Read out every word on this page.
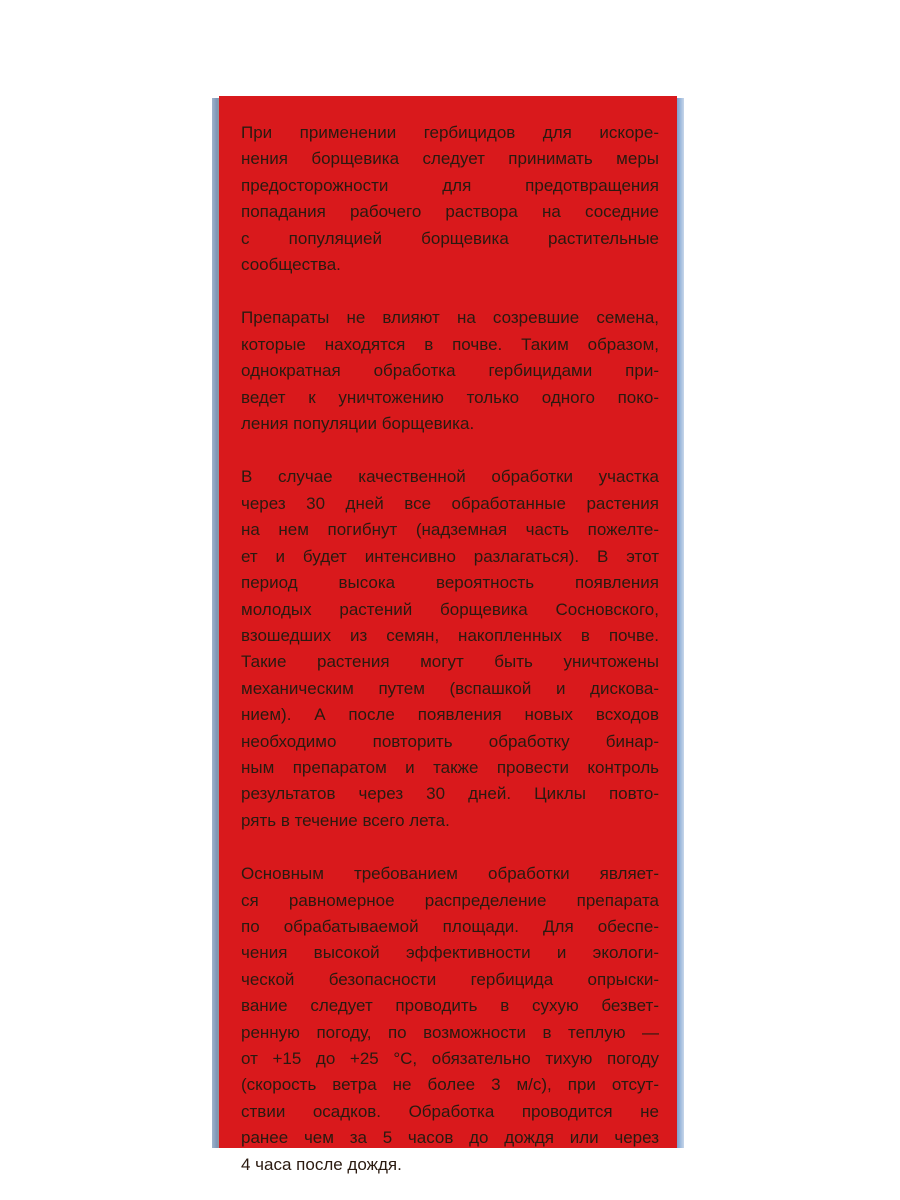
При применении гербицидов для искоре-
нения борщевика следует принимать меры
предосторожности для предотвращения
попадания рабочего раствора на соседние
с популяцией борщевика растительные
сообщества.

Препараты не влияют на созревшие семена,
которые находятся в почве. Таким образом,
однократная обработка гербицидами при-
ведет к уничтожению только одного поко-
ления популяции борщевика.

В случае качественной обработки участка
через 30 дней все обработанные растения
на нем погибнут (надземная часть пожелте-
ет и будет интенсивно разлагаться). В этот
период высока вероятность появления
молодых растений борщевика Сосновского,
взошедших из семян, накопленных в почве.
Такие растения могут быть уничтожены
механическим путем (вспашкой и дискова-
нием). А после появления новых всходов
необходимо повторить обработку бинар-
ным препаратом и также провести контроль
результатов через 30 дней. Циклы повто-
рять в течение всего лета.

Основным требованием обработки являет-
ся равномерное распределение препарата
по обрабатываемой площади. Для обеспе-
чения высокой эффективности и экологи-
ческой безопасности гербицида опрыски-
вание следует проводить в сухую безвет-
ренную погоду, по возможности в теплую —
от +15 до +25 °С, обязательно тихую погоду
(скорость ветра не более 3 м/с), при отсут-
ствии осадков. Обработка проводится не
ранее чем за 5 часов до дождя или через
4 часа после дождя.
